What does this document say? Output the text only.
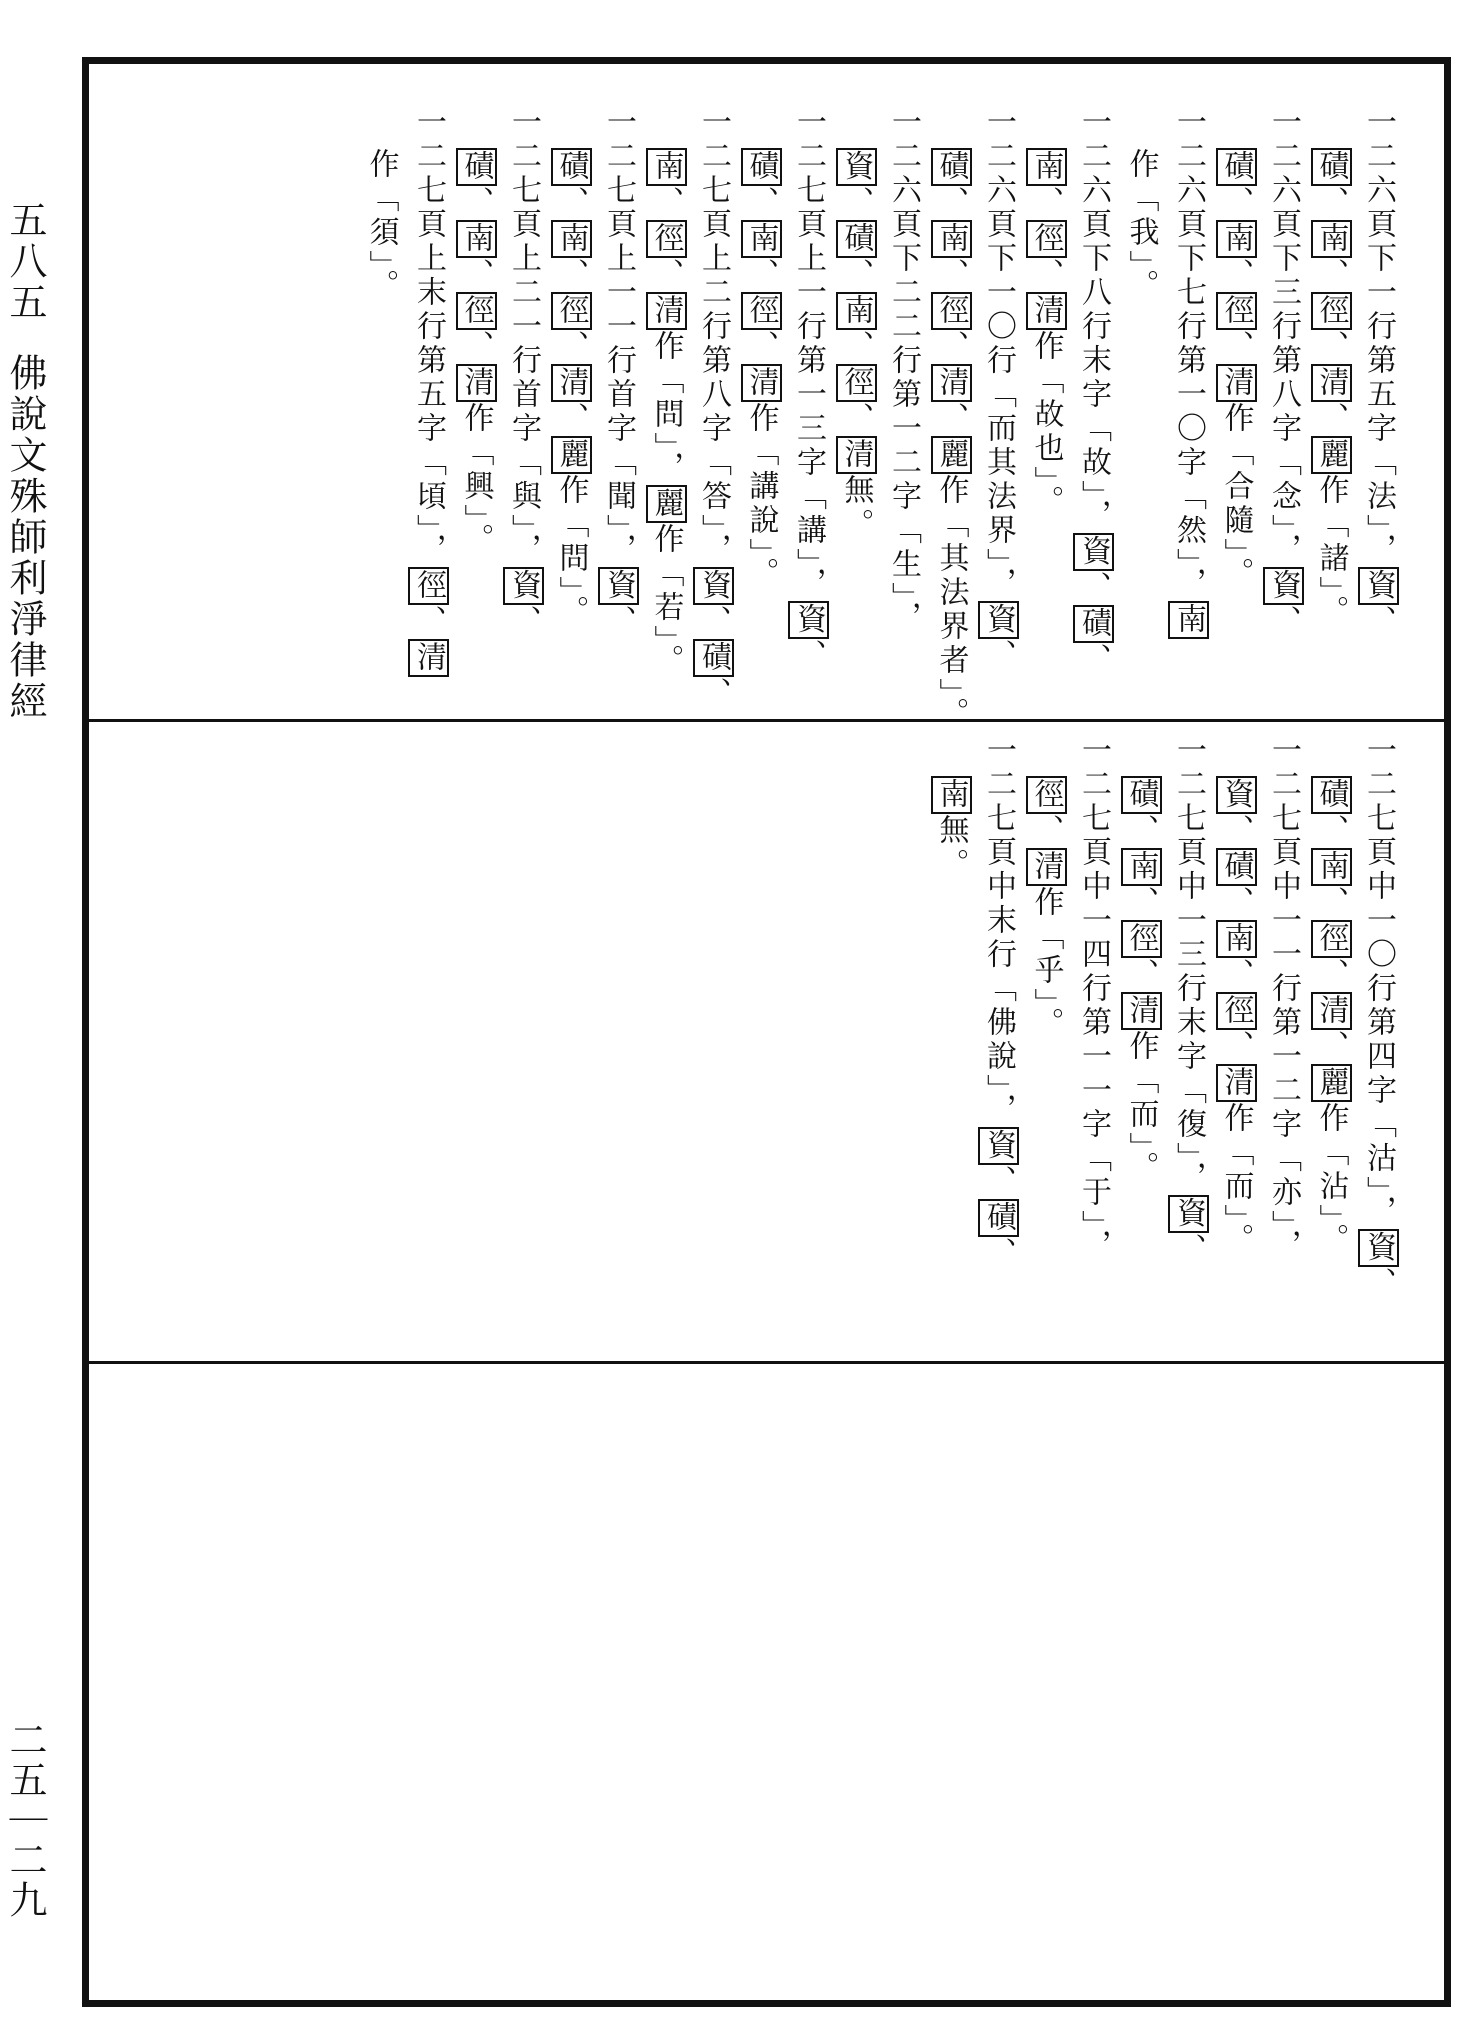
五八五佛說文殊師利淨律經
二五｜二九
一二六頁下一行第五字「法」，資、
磧、南、徑、清、麗作「諸」。
一二六頁下三行第八字「念」，資、
磧、南、徑、清作「合隨」。
一二六頁下七行第一〇字「然」，南
作「我」。
一二六頁下八行末字「故」，資、磧、
南、徑、清作「故也」。
一二六頁下一〇行「而其法界」，資、
磧、南、徑、清、麗作「其法界者」。
一二六頁下二二行第一二字「生」，
資、磧、南、徑、清無。
一二七頁上一行第一三字「講」，資、
磧、南、徑、清作「講說」。
一二七頁上二行第八字「答」，資、磧、
南、徑、清作「問」，麗作「若」。
一二七頁上一一行首字「聞」，資、
磧、南、徑、清、麗作「問」。
一二七頁上二一行首字「與」，資、
磧、南、徑、清作「興」。
一二七頁上末行第五字「頃」，徑、清
作「須」。
一二七頁中一〇行第四字「沽」，資、
磧、南、徑、清、麗作「沾」。
一二七頁中一一行第一二字「亦」，
資、磧、南、徑、清作「而」。
一二七頁中一三行末字「復」，資、
磧、南、徑、清作「而」。
一二七頁中一四行第一一字「于」，
徑、清作「乎」。
一二七頁中末行「佛說」，資、磧、
南無。
